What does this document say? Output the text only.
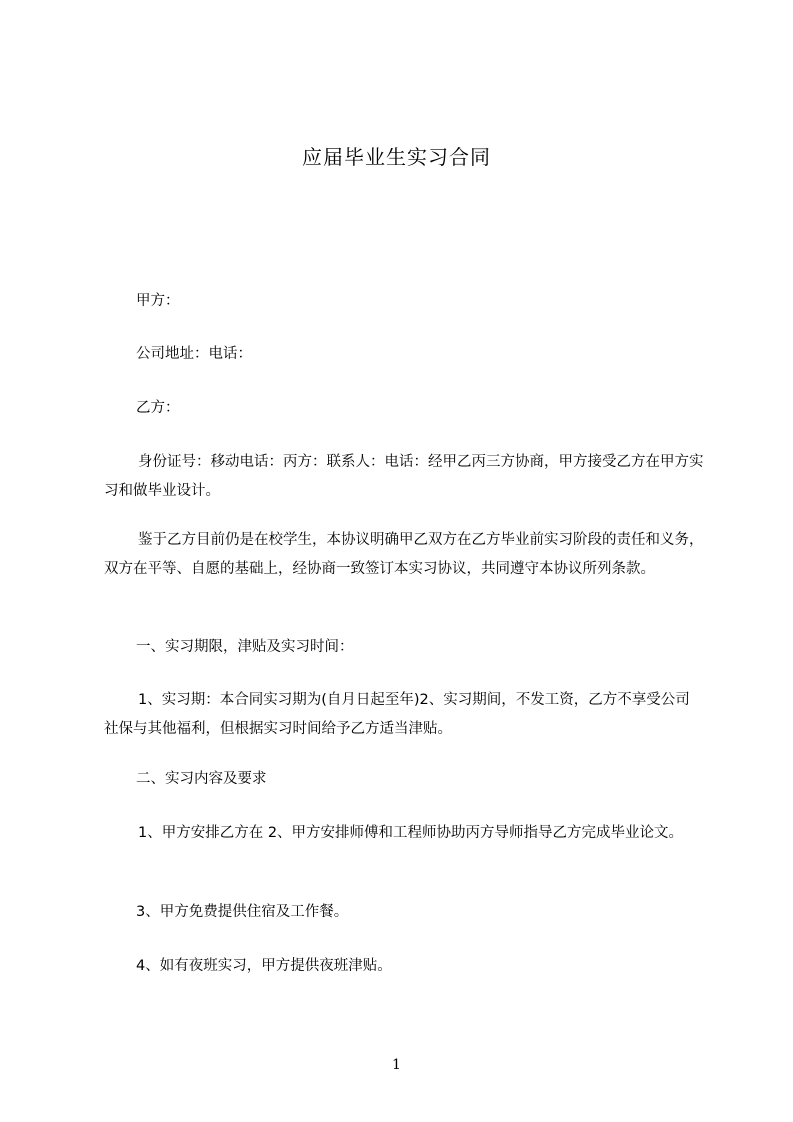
应届毕业生实习合同
甲方：
公司地址：电话：
乙方：
身份证号：移动电话：丙方：联系人：电话：经甲乙丙三方协商，甲方接受乙方在甲方实习和做毕业设计。
鉴于乙方目前仍是在校学生，本协议明确甲乙双方在乙方毕业前实习阶段的责任和义务，双方在平等、自愿的基础上，经协商一致签订本实习协议，共同遵守本协议所列条款。
一、实习期限，津贴及实习时间：
1、实习期：本合同实习期为(自月日起至年)2、实习期间，不发工资，乙方不享受公司社保与其他福利，但根据实习时间给予乙方适当津贴。
二、实习内容及要求
1、甲方安排乙方在 2、甲方安排师傅和工程师协助丙方导师指导乙方完成毕业论文。
3、甲方免费提供住宿及工作餐。
4、如有夜班实习，甲方提供夜班津贴。
1
